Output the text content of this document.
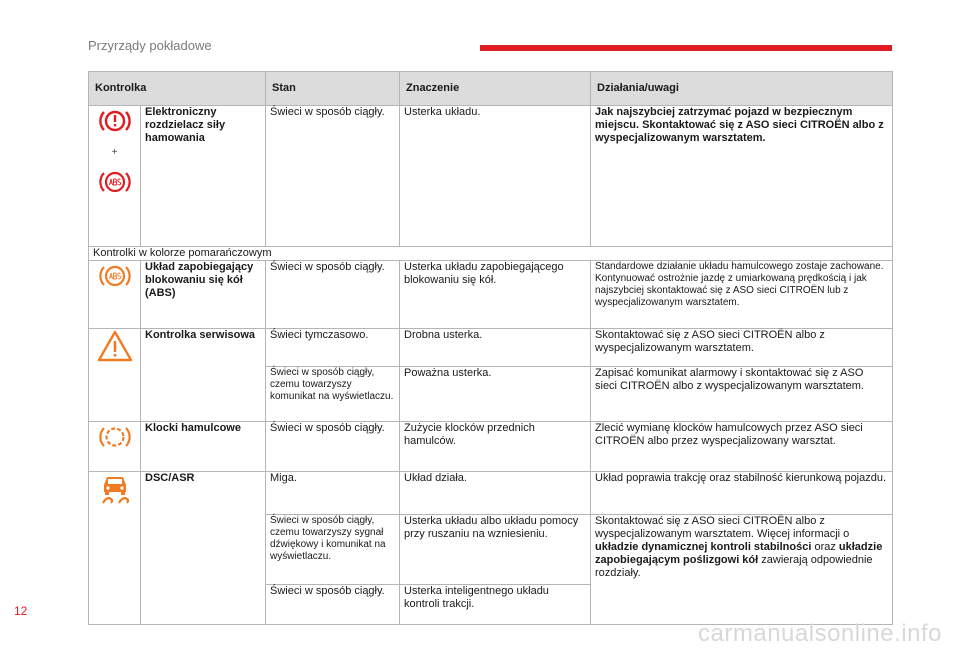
Przyrządy pokładowe
Kontrolka		Stan	Znaczenie	Działania/uwagi

+	Elektroniczny rozdzielacz siły hamowania	Świeci w sposób ciągły.	Usterka układu.	Jak najszybciej zatrzymać pojazd w bezpiecznym miejscu. Skontaktować się z ASO sieci CITROËN albo z wyspecjalizowanym warsztatem.
Kontrolki w kolorze pomarańczowym				
	Układ zapobiegający blokowaniu się kół (ABS)	Świeci w sposób ciągły.	Usterka układu zapobiegającego blokowaniu się kół.	Standardowe działanie układu hamulcowego zostaje zachowane. Kontynuować ostrożnie jazdę z umiarkowaną prędkością i jak najszybciej skontaktować się z ASO sieci CITROËN lub z wyspecjalizowanym warsztatem.
	Kontrolka serwisowa	Świeci tymczasowo.	Drobna usterka.	Skontaktować się z ASO sieci CITROËN albo z wyspecjalizowanym warsztatem.
		Świeci w sposób ciągły, czemu towarzyszy komunikat na wyświetlaczu.	Poważna usterka.	Zapisać komunikat alarmowy i skontaktować się z ASO sieci CITROËN albo z wyspecjalizowanym warsztatem.
	Klocki hamulcowe	Świeci w sposób ciągły.	Zużycie klocków przednich hamulców.	Zlecić wymianę klocków hamulcowych przez ASO sieci CITROËN albo przez wyspecjalizowany warsztat.
	DSC/ASR	Miga.	Układ działa.	Układ poprawia trakcję oraz stabilność kierunkową pojazdu.
		Świeci w sposób ciągły, czemu towarzyszy sygnał dźwiękowy i komunikat na wyświetlaczu.	Usterka układu albo układu pomocy przy ruszaniu na wzniesieniu.	Skontaktować się z ASO sieci CITROËN albo z wyspecjalizowanym warsztatem. Więcej informacji o układzie dynamicznej kontroli stabilności oraz układzie zapobiegającym poślizgowi kół zawierają odpowiednie rozdziały.
		Świeci w sposób ciągły.	Usterka inteligentnego układu kontroli trakcji.	
12
carmanualsonline.info
